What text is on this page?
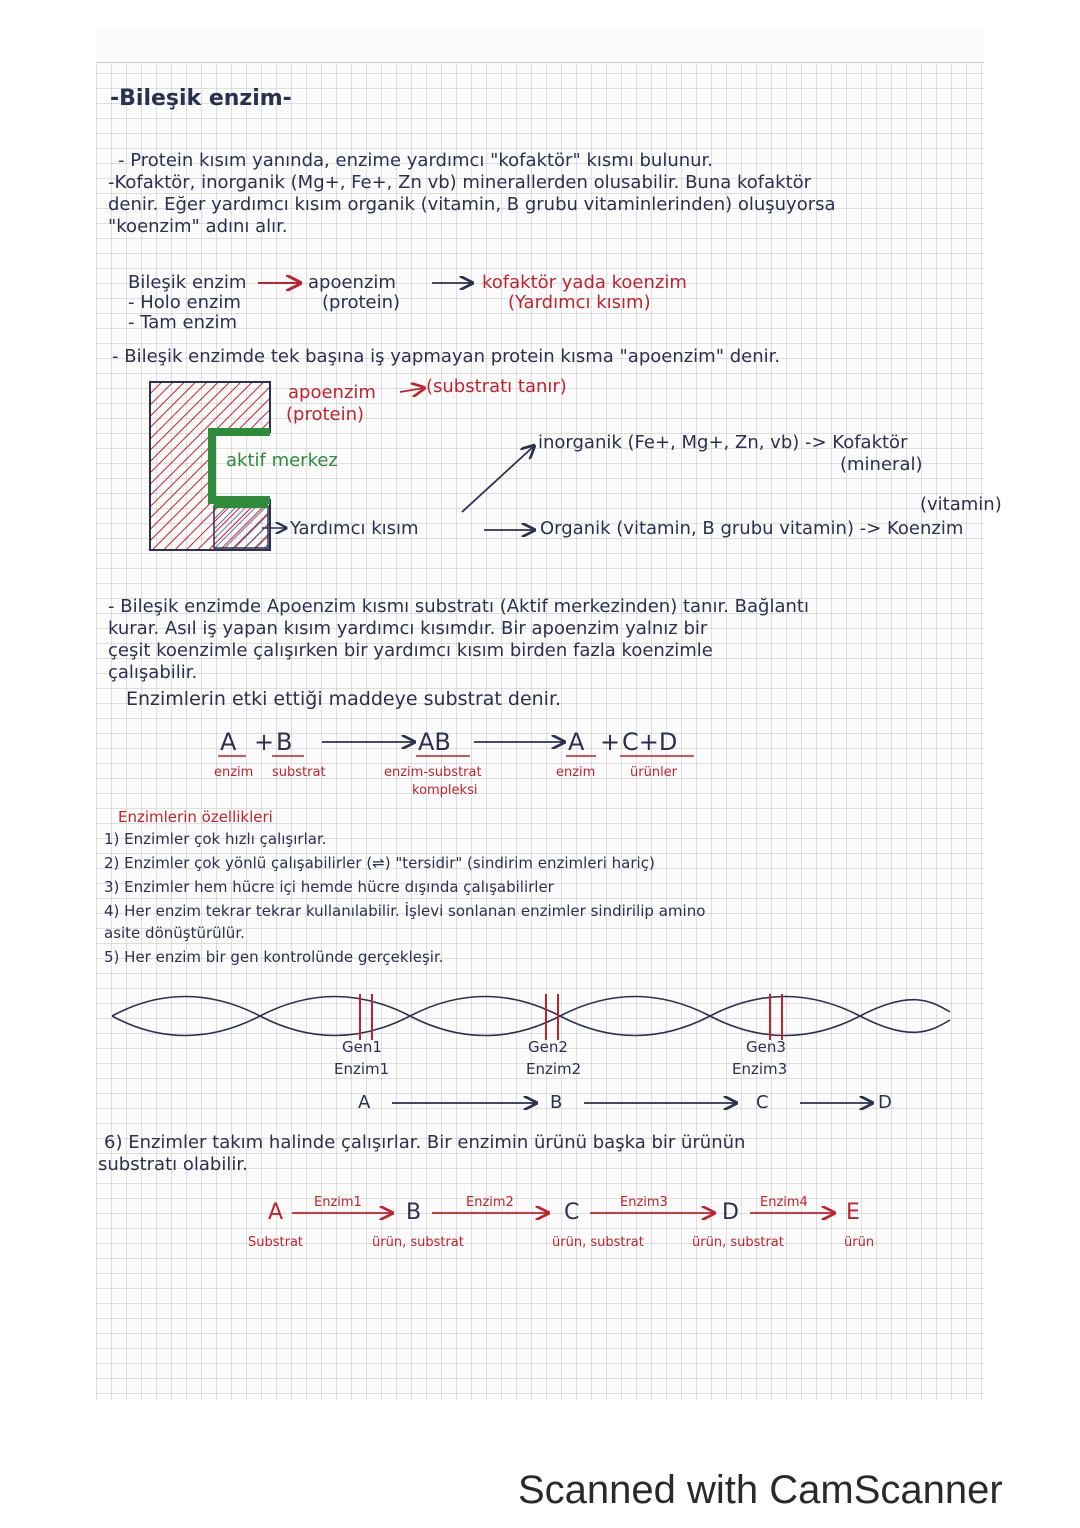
-Bileşik enzim-
- Protein kısım yanında, enzime yardımcı "kofaktör" kısmı bulunur.
-Kofaktör, inorganik (Mg+, Fe+, Zn vb) minerallerden olusabilir. Buna kofaktör
denir. Eğer yardımcı kısım organik (vitamin, B grubu vitaminlerinden) oluşuyorsa
"koenzim" adını alır.
Bileşik enzim
- Holo enzim
- Tam enzim
apoenzim
(protein)
kofaktör yada koenzim
(Yardımcı kısım)
- Bileşik enzimde tek başına iş yapmayan protein kısma "apoenzim" denir.
apoenzim	(substratı tanır)
(protein)
aktif merkez
inorganik (Fe+, Mg+, Zn, vb) -> Kofaktör
(mineral)
(vitamin)
Yardımcı kısım	Organik (vitamin, B grubu vitamin) -> Koenzim
- Bileşik enzimde Apoenzim kısmı substratı (Aktif merkezinden) tanır. Bağlantı
kurar. Asıl iş yapan kısım yardımcı kısımdır. Bir apoenzim yalnız bir
çeşit koenzimle çalışırken bir yardımcı kısım birden fazla koenzimle
çalışabilir.
Enzimlerin etki ettiği maddeye substrat denir.
A + B	AB	A + C+D
enzim substrat	enzim-substrat
kompleksi
enzim	ürünler
Enzimlerin özellikleri
1) Enzimler çok hızlı çalışırlar.
2) Enzimler çok yönlü çalışabilirler (⇌) "tersidir" (sindirim enzimleri hariç)
3) Enzimler hem hücre içi hemde hücre dışında çalışabilirler
4) Her enzim tekrar tekrar kullanılabilir. İşlevi sonlanan enzimler sindirilip amino
asite dönüştürülür.
5) Her enzim bir gen kontrolünde gerçekleşir.
Gen1
Enzim1
Gen2
Enzim2
Gen3
Enzim3
A	B	C	D
6) Enzimler takım halinde çalışırlar. Bir enzimin ürünü başka bir ürünün
substratı olabilir.
A	B	C	D	E
Enzim1	Enzim2	Enzim3	Enzim4
Substrat	ürün, substrat	ürün, substrat	ürün, substrat	ürün
Scanned with CamScanner
